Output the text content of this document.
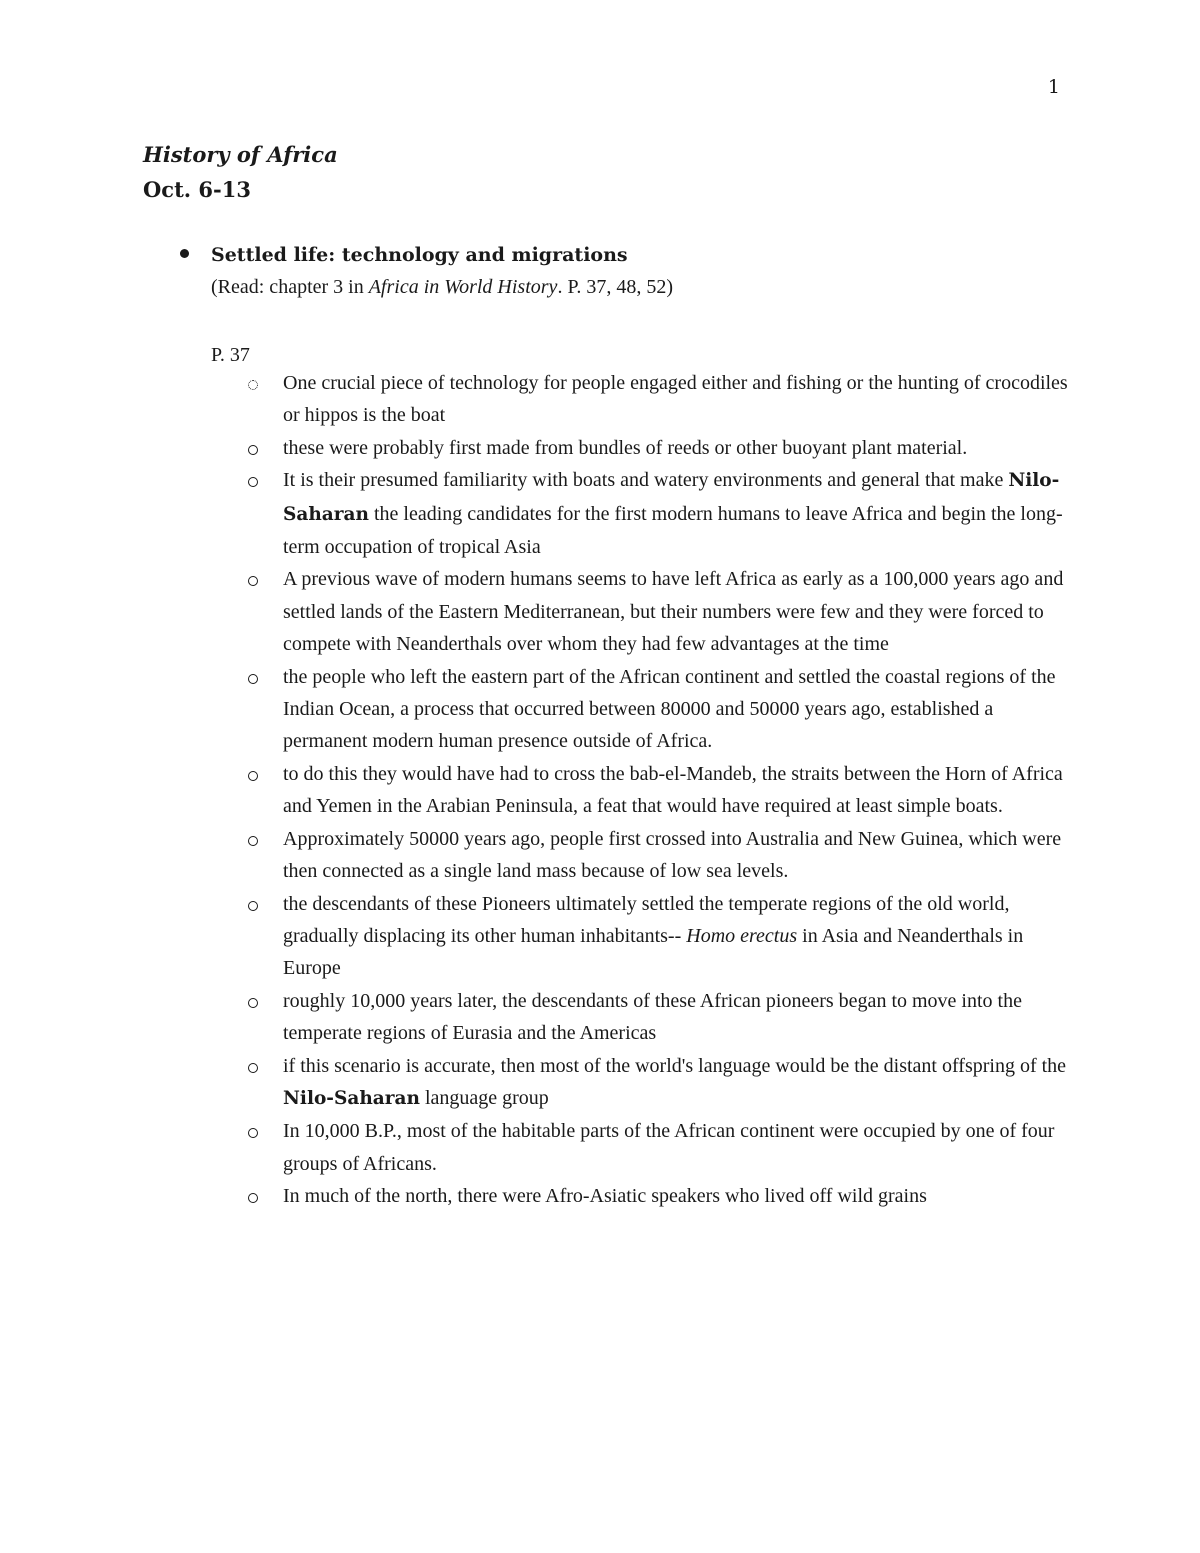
1
History of Africa
Oct. 6-13
Settled life: technology and migrations
(Read: chapter 3 in Africa in World History. P. 37, 48, 52)
P. 37
One crucial piece of technology for people engaged either and fishing or the hunting of crocodiles or hippos is the boat
these were probably first made from bundles of reeds or other buoyant plant material.
It is their presumed familiarity with boats and watery environments and general that make Nilo-Saharan the leading candidates for the first modern humans to leave Africa and begin the long-term occupation of tropical Asia
A previous wave of modern humans seems to have left Africa as early as a 100,000 years ago and settled lands of the Eastern Mediterranean, but their numbers were few and they were forced to compete with Neanderthals over whom they had few advantages at the time
the people who left the eastern part of the African continent and settled the coastal regions of the Indian Ocean, a process that occurred between 80000 and 50000 years ago, established a permanent modern human presence outside of Africa.
to do this they would have had to cross the bab-el-Mandeb, the straits between the Horn of Africa and Yemen in the Arabian Peninsula, a feat that would have required at least simple boats.
Approximately 50000 years ago, people first crossed into Australia and New Guinea, which were then connected as a single land mass because of low sea levels.
the descendants of these Pioneers ultimately settled the temperate regions of the old world, gradually displacing its other human inhabitants-- Homo erectus in Asia and Neanderthals in Europe
roughly 10,000 years later, the descendants of these African pioneers began to move into the temperate regions of Eurasia and the Americas
if this scenario is accurate, then most of the world's language would be the distant offspring of the Nilo-Saharan language group
In 10,000 B.P., most of the habitable parts of the African continent were occupied by one of four groups of Africans.
In much of the north, there were Afro-Asiatic speakers who lived off wild grains
